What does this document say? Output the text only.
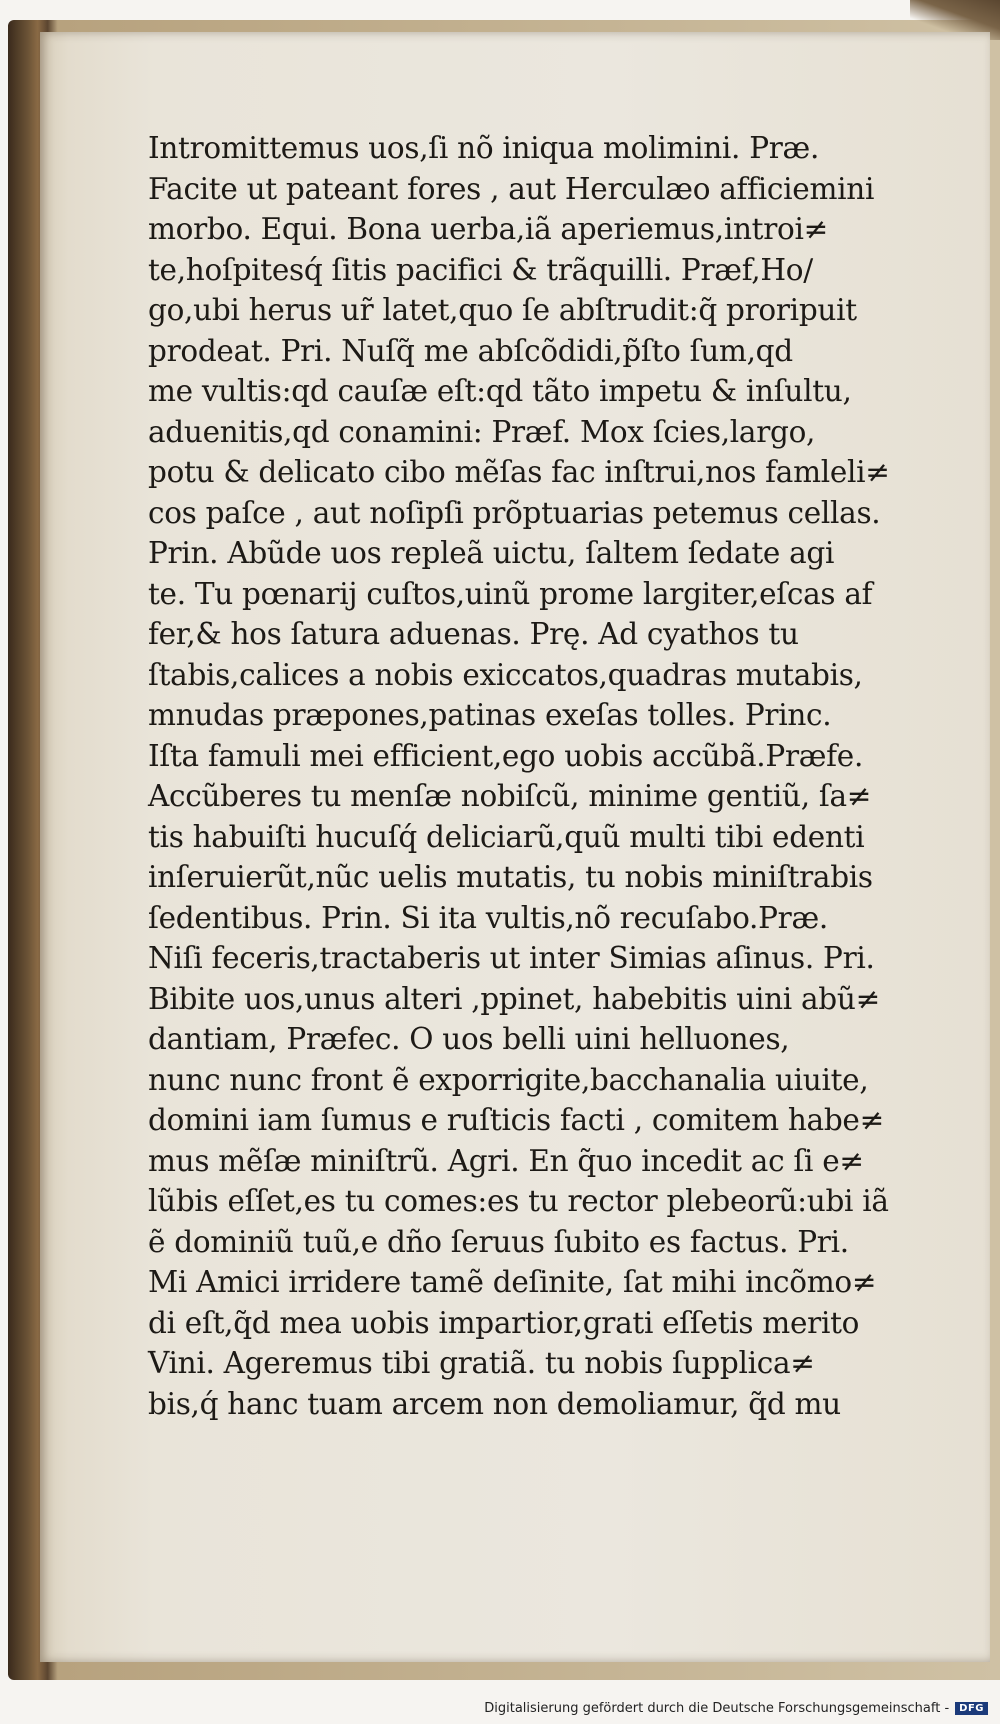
Intromittemus uos,ſi nõ iniqua molimini. Præ.
Facite ut pateant fores , aut Herculæo afficiemini
morbo. Equi. Bona uerba,iã aperiemus,introi≠
te,hoſpitesq́ ſitis pacifici & trãquilli. Præf,Ho/
go,ubi herus ur̃ latet,quo ſe abſtrudit:q̃ proripuit
prodeat. Pri. Nuſq̃ me abſcõdidi,p̃ſto ſum,qd
me vultis:qd cauſæ eſt:qd tãto impetu & inſultu,
aduenitis,qd conamini: Præf. Mox ſcies,largo,
potu & delicato cibo mẽſas fac inſtrui,nos famleli≠
cos paſce , aut noſipſi prõptuarias petemus cellas.
Prin. Abũde uos repleã uictu, ſaltem ſedate agi
te. Tu pœnarij cuſtos,uinũ prome largiter,eſcas af
fer,& hos ſatura aduenas. Prę. Ad cyathos tu
ſtabis,calices a nobis exiccatos,quadras mutabis,
mnudas præpones,patinas exeſas tolles. Princ.
Iſta famuli mei efficient,ego uobis accũbã.Præfe.
Accũberes tu menſæ nobiſcũ, minime gentiũ, ſa≠
tis habuiſti hucuſq́ deliciarũ,quũ multi tibi edenti
inſeruierũt,nũc uelis mutatis, tu nobis miniſtrabis
ſedentibus. Prin. Si ita vultis,nõ recuſabo.Præ.
Niſi feceris,tractaberis ut inter Simias aſinus. Pri.
Bibite uos,unus alteri ,ppinet, habebitis uini abũ≠
dantiam, Præfec. O uos belli uini helluones,
nunc nunc front ẽ exporrigite,bacchanalia uiuite,
domini iam ſumus e ruſticis facti , comitem habe≠
mus mẽſæ miniſtrũ. Agri. En q̃uo incedit ac ſi e≠
lũbis eſſet,es tu comes:es tu rector plebeorũ:ubi iã
ẽ dominiũ tuũ,e dño ſeruus ſubito es factus. Pri.
Mi Amici irridere tamẽ deſinite, ſat mihi incõmo≠
di eſt,q̃d mea uobis impartior,grati eſſetis merito
Vini. Ageremus tibi gratiã. tu nobis ſupplica≠
bis,q́ hanc tuam arcem non demoliamur, q̃d mu
Digitalisierung gefördert durch die Deutsche Forschungsgemeinschaft -	DFG
